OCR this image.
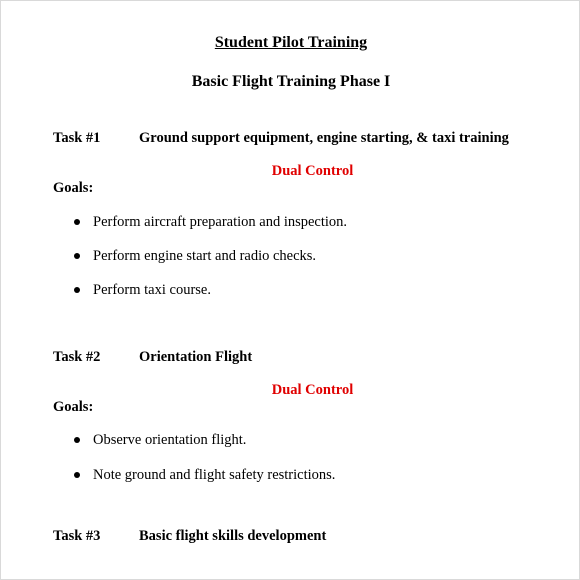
Student Pilot Training
Basic Flight Training Phase I
Task #1	Ground support equipment, engine starting, & taxi training
Dual Control
Goals:
Perform aircraft preparation and inspection.
Perform engine start and radio checks.
Perform taxi course.
Task #2	Orientation Flight
Dual Control
Goals:
Observe orientation flight.
Note ground and flight safety restrictions.
Task #3	Basic flight skills development
